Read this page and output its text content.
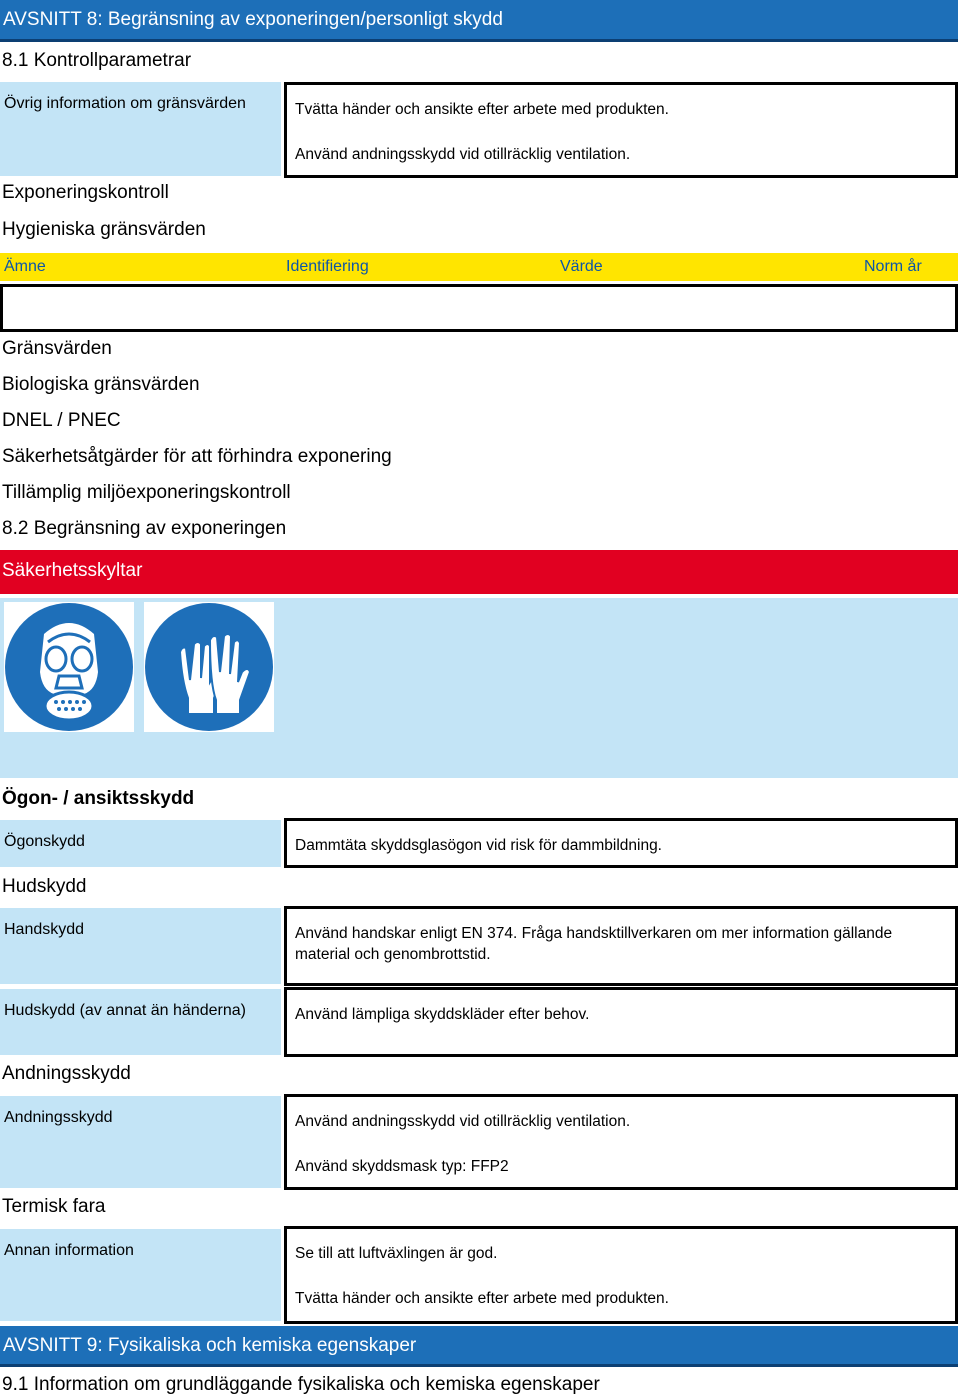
AVSNITT 8: Begränsning av exponeringen/personligt skydd
8.1 Kontrollparametrar
Övrig information om gränsvärden	Tvätta händer och ansikte efter arbete med produkten.

Använd andningsskydd vid otillräcklig ventilation.

Exponeringskontroll
Hygieniska gränsvärden
Ämne	Identifiering	Värde	Norm år
Gränsvärden
Biologiska gränsvärden
DNEL / PNEC
Säkerhetsåtgärder för att förhindra exponering
Tillämplig miljöexponeringskontroll
8.2 Begränsning av exponeringen
Säkerhetsskyltar
Ögon- / ansiktsskydd
Ögonskydd	Dammtäta skyddsglasögon vid risk för dammbildning.

Hudskydd
Handskydd	Använd handskar enligt EN 374. Fråga handsktillverkaren om mer information gällande material och genombrottstid.

Hudskydd (av annat än händerna)	Använd lämpliga skyddskläder efter behov.

Andningsskydd
Andningsskydd	Använd andningsskydd vid otillräcklig ventilation.

Använd skyddsmask typ: FFP2

Termisk fara
Annan information	Se till att luftväxlingen är god.

Tvätta händer och ansikte efter arbete med produkten.

AVSNITT 9: Fysikaliska och kemiska egenskaper
9.1 Information om grundläggande fysikaliska och kemiska egenskaper
